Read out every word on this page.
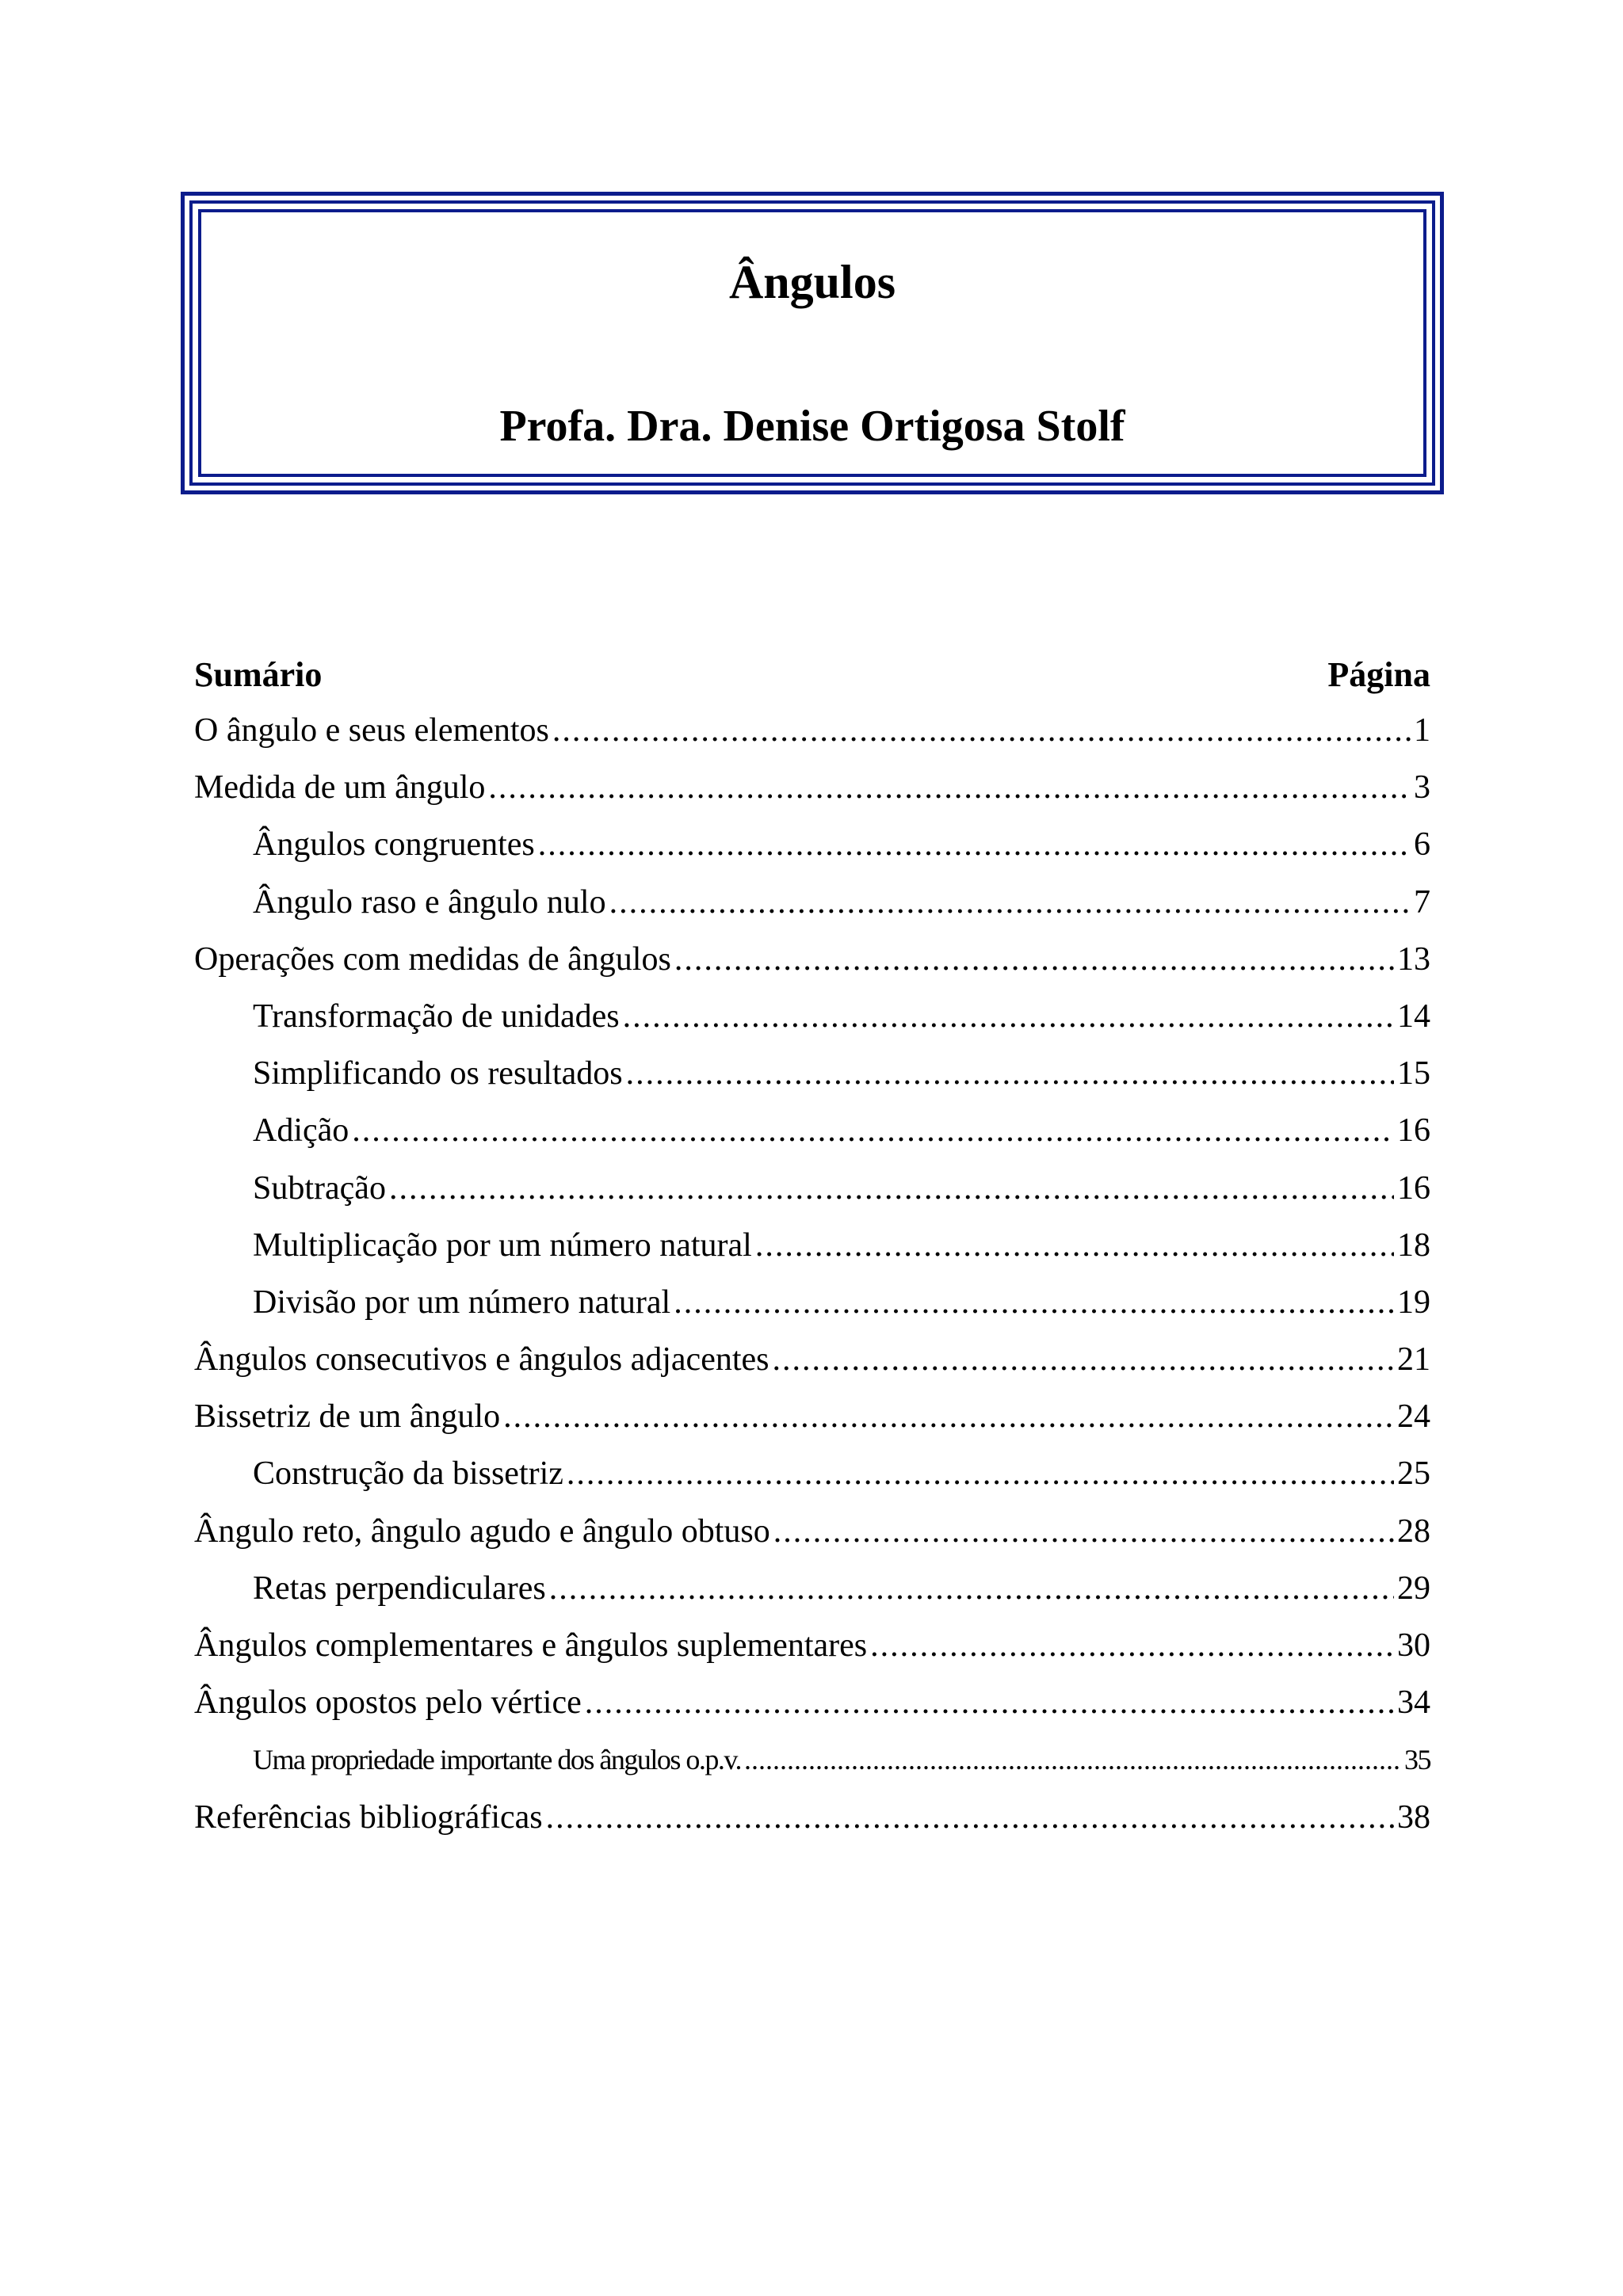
Ângulos
Profa. Dra. Denise Ortigosa Stolf
Sumário	Página
O ângulo e seus elementos .....	1
Medida de um ângulo .....	3
Ângulos congruentes .....	6
Ângulo raso e ângulo nulo .....	7
Operações com medidas de ângulos .....	13
Transformação de unidades .....	14
Simplificando os resultados .....	15
Adição .....	16
Subtração .....	16
Multiplicação por um número natural .....	18
Divisão por um número natural .....	19
Ângulos consecutivos e ângulos adjacentes .....	21
Bissetriz de um ângulo .....	24
Construção da bissetriz .....	25
Ângulo reto, ângulo agudo e ângulo obtuso .....	28
Retas perpendiculares .....	29
Ângulos complementares e ângulos suplementares .....	30
Ângulos opostos pelo vértice .....	34
Uma propriedade importante dos ângulos o.p.v. .....	35
Referências bibliográficas .....	38
